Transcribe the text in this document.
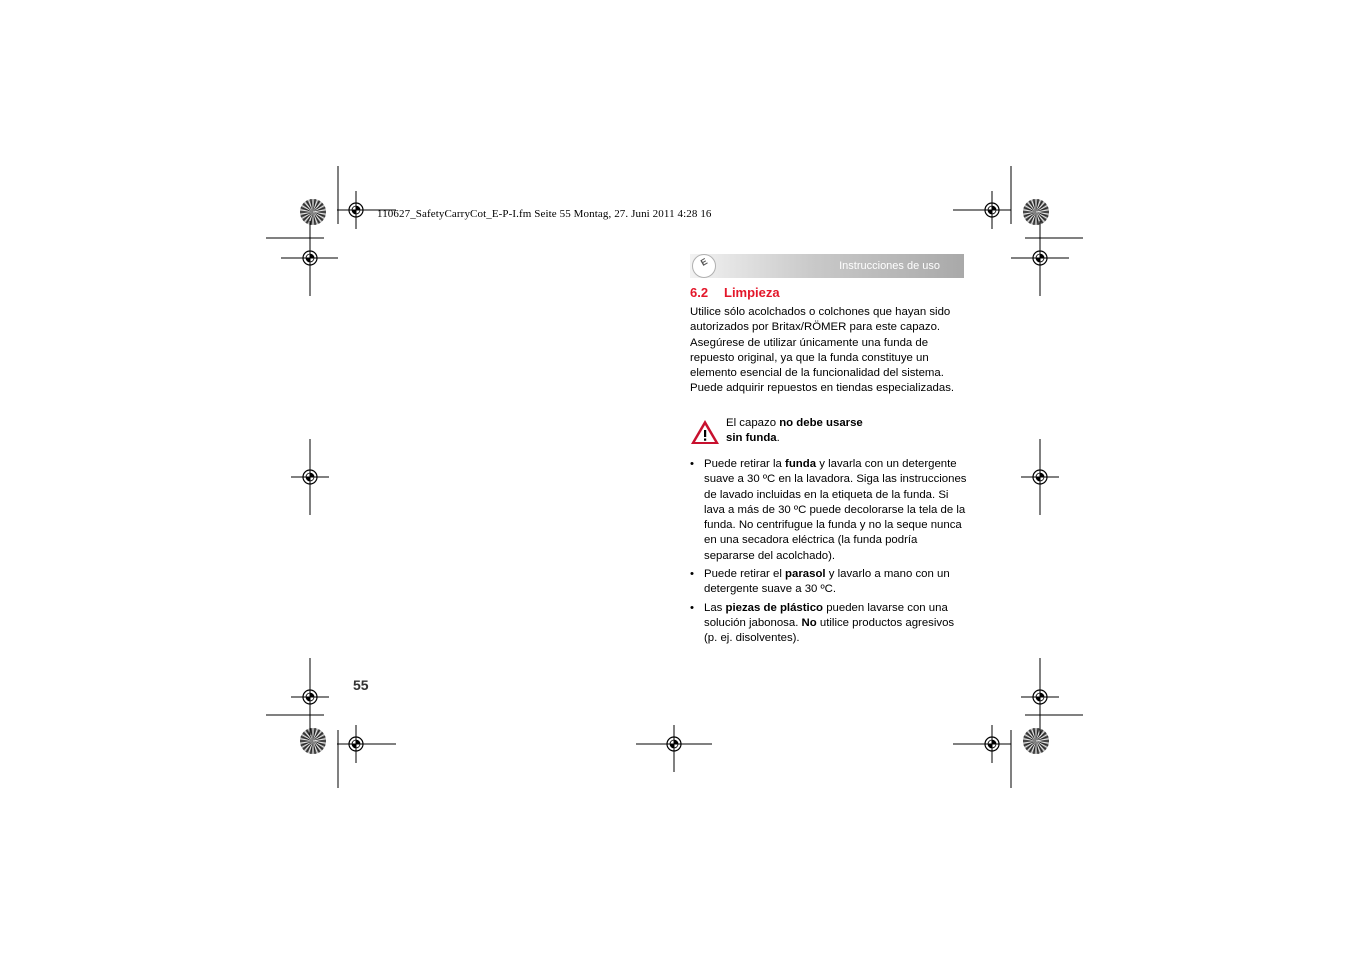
110627_SafetyCarryCot_E-P-I.fm Seite 55 Montag, 27. Juni 2011 4:28 16
Instrucciones de uso
E
6.2 Limpieza

Utilice sólo acolchados o colchones que hayan sido autorizados por Britax/RÖMER para este capazo.

Asegúrese de utilizar únicamente una funda de repuesto original, ya que la funda constituye un elemento esencial de la funcionalidad del sistema. Puede adquirir repuestos en tiendas especializadas.

El capazo no debe usarse
sin funda.
• Puede retirar la funda y lavarla con un detergente suave a 30 ºC en la lavadora. Siga las instrucciones de lavado incluidas en la etiqueta de la funda. Si lava a más de 30 ºC puede decolorarse la tela de la funda. No centrifugue la funda y no la seque nunca en una secadora eléctrica (la funda podría separarse del acolchado).
• Puede retirar el parasol y lavarlo a mano con un detergente suave a 30 ºC.
• Las piezas de plástico pueden lavarse con una solución jabonosa. No utilice productos agresivos (p. ej. disolventes).
55
